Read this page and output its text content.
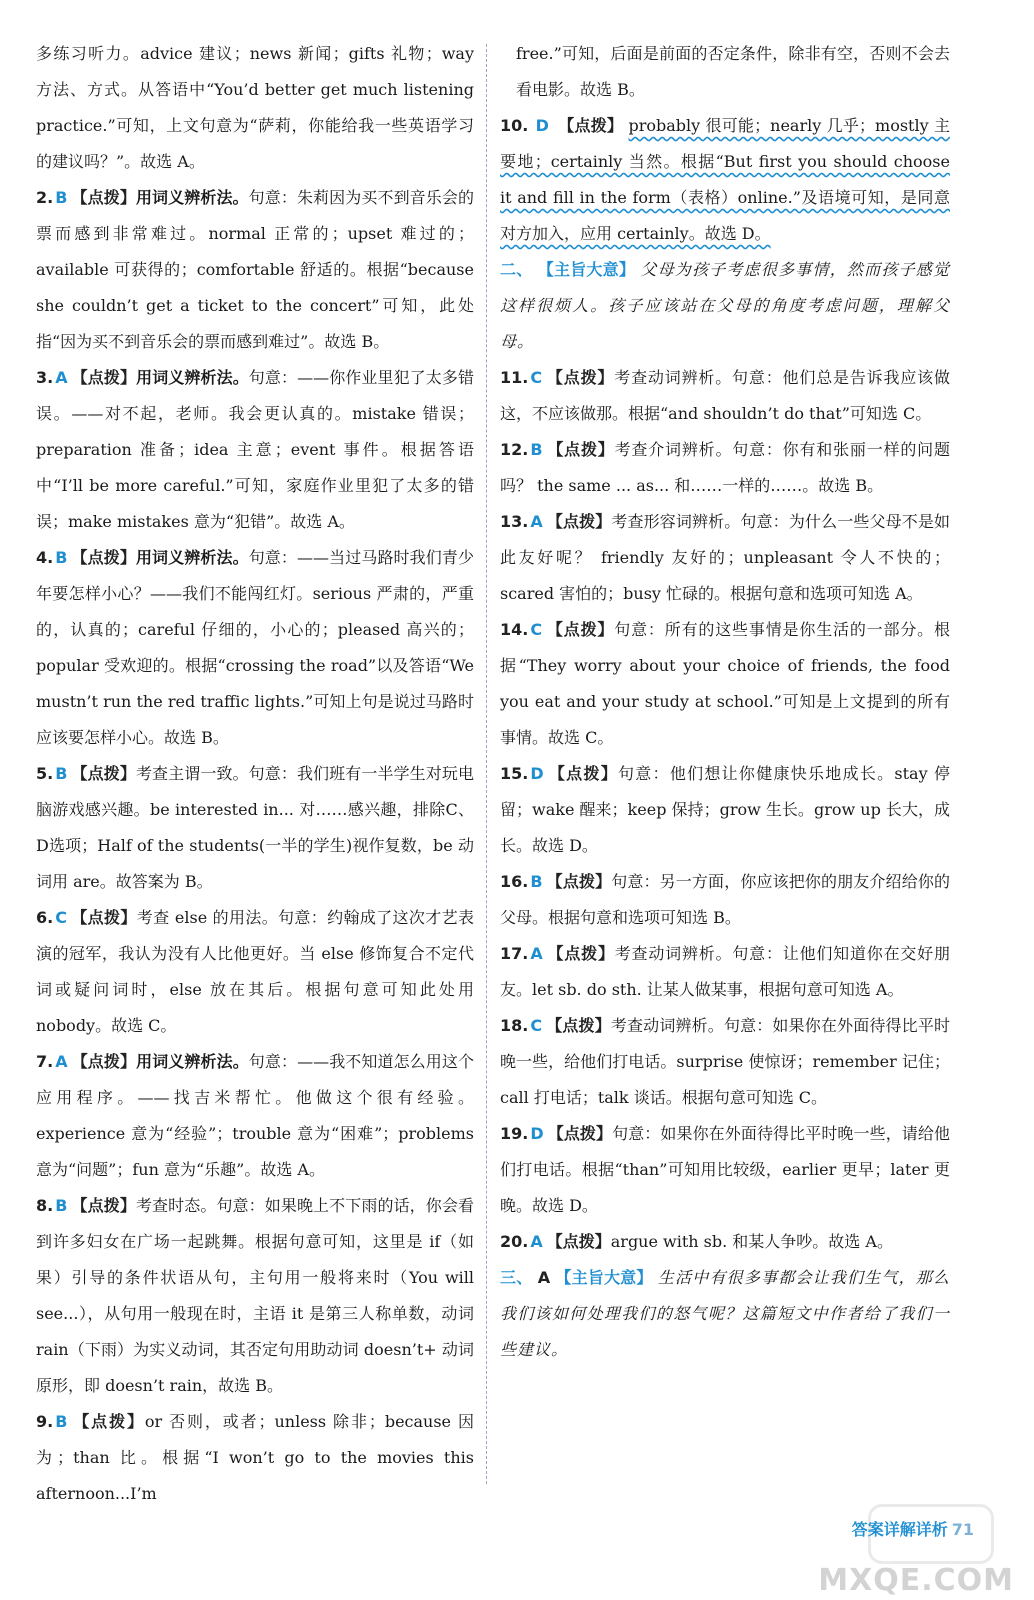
多练习听力。advice 建议；news 新闻；gifts 礼物；way 方法、方式。从答语中“You’d better get much listening practice.”可知，上文句意为“萨莉，你能给我一些英语学习的建议吗？”。故选 A。
2. B 【点拨】用词义辨析法。句意：朱莉因为买不到音乐会的票而感到非常难过。normal 正常的；upset 难过的；available 可获得的；comfortable 舒适的。根据“because she couldn’t get a ticket to the concert”可知，此处指“因为买不到音乐会的票而感到难过”。故选 B。
3. A 【点拨】用词义辨析法。句意：——你作业里犯了太多错误。——对不起，老师。我会更认真的。mistake 错误；preparation 准备；idea 主意；event 事件。根据答语中“I’ll be more careful.”可知，家庭作业里犯了太多的错误；make mistakes 意为“犯错”。故选 A。
4. B 【点拨】用词义辨析法。句意：——当过马路时我们青少年要怎样小心？——我们不能闯红灯。serious 严肃的，严重的，认真的；careful 仔细的，小心的；pleased 高兴的；popular 受欢迎的。根据“crossing the road”以及答语“We mustn’t run the red traffic lights.”可知上句是说过马路时应该要怎样小心。故选 B。
5. B 【点拨】考查主谓一致。句意：我们班有一半学生对玩电脑游戏感兴趣。be interested in... 对……感兴趣，排除C、D选项；Half of the students(一半的学生)视作复数，be 动词用 are。故答案为 B。
6. C 【点拨】考查 else 的用法。句意：约翰成了这次才艺表演的冠军，我认为没有人比他更好。当 else 修饰复合不定代词或疑问词时，else 放在其后。根据句意可知此处用 nobody。故选 C。
7. A 【点拨】用词义辨析法。句意：——我不知道怎么用这个应用程序。——找吉米帮忙。他做这个很有经验。experience 意为“经验”；trouble 意为“困难”；problems 意为“问题”；fun 意为“乐趣”。故选 A。
8. B 【点拨】考查时态。句意：如果晚上不下雨的话，你会看到许多妇女在广场一起跳舞。根据句意可知，这里是 if（如果）引导的条件状语从句，主句用一般将来时（You will see...），从句用一般现在时，主语 it 是第三人称单数，动词 rain（下雨）为实义动词，其否定句用助动词 doesn’t+ 动词原形，即 doesn’t rain，故选 B。
9. B 【点拨】or 否则，或者；unless 除非；because 因为；than 比。根据“I won’t go to the movies this afternoon...I’m
free.”可知，后面是前面的否定条件，除非有空，否则不会去看电影。故选 B。
10. D 【点拨】 probably 很可能；nearly 几乎；mostly 主要地；certainly 当然。根据“But first you should choose it and fill in the form（表格）online.”及语境可知，是同意对方加入，应用 certainly。故选 D。
二、 【主旨大意】 父母为孩子考虑很多事情，然而孩子感觉这样很烦人。孩子应该站在父母的角度考虑问题，理解父母。
11. C 【点拨】考查动词辨析。句意：他们总是告诉我应该做这，不应该做那。根据“and shouldn’t do that”可知选 C。
12. B 【点拨】考查介词辨析。句意：你有和张丽一样的问题吗？ the same ... as... 和……一样的……。故选 B。
13. A 【点拨】考查形容词辨析。句意：为什么一些父母不是如此友好呢？ friendly 友好的；unpleasant 令人不快的；scared 害怕的；busy 忙碌的。根据句意和选项可知选 A。
14. C 【点拨】句意：所有的这些事情是你生活的一部分。根据“They worry about your choice of friends, the food you eat and your study at school.”可知是上文提到的所有事情。故选 C。
15. D 【点拨】句意：他们想让你健康快乐地成长。stay 停留；wake 醒来；keep 保持；grow 生长。grow up 长大，成长。故选 D。
16. B 【点拨】句意：另一方面，你应该把你的朋友介绍给你的父母。根据句意和选项可知选 B。
17. A 【点拨】考查动词辨析。句意：让他们知道你在交好朋友。let sb. do sth. 让某人做某事，根据句意可知选 A。
18. C 【点拨】考查动词辨析。句意：如果你在外面待得比平时晚一些，给他们打电话。surprise 使惊讶；remember 记住；call 打电话；talk 谈话。根据句意可知选 C。
19. D 【点拨】句意：如果你在外面待得比平时晚一些，请给他们打电话。根据“than”可知用比较级，earlier 更早；later 更晚。故选 D。
20. A 【点拨】argue with sb. 和某人争吵。故选 A。
三、 A 【主旨大意】 生活中有很多事都会让我们生气，那么我们该如何处理我们的怒气呢？这篇短文中作者给了我们一些建议。
答案详解详析 71
MXQE.COM
